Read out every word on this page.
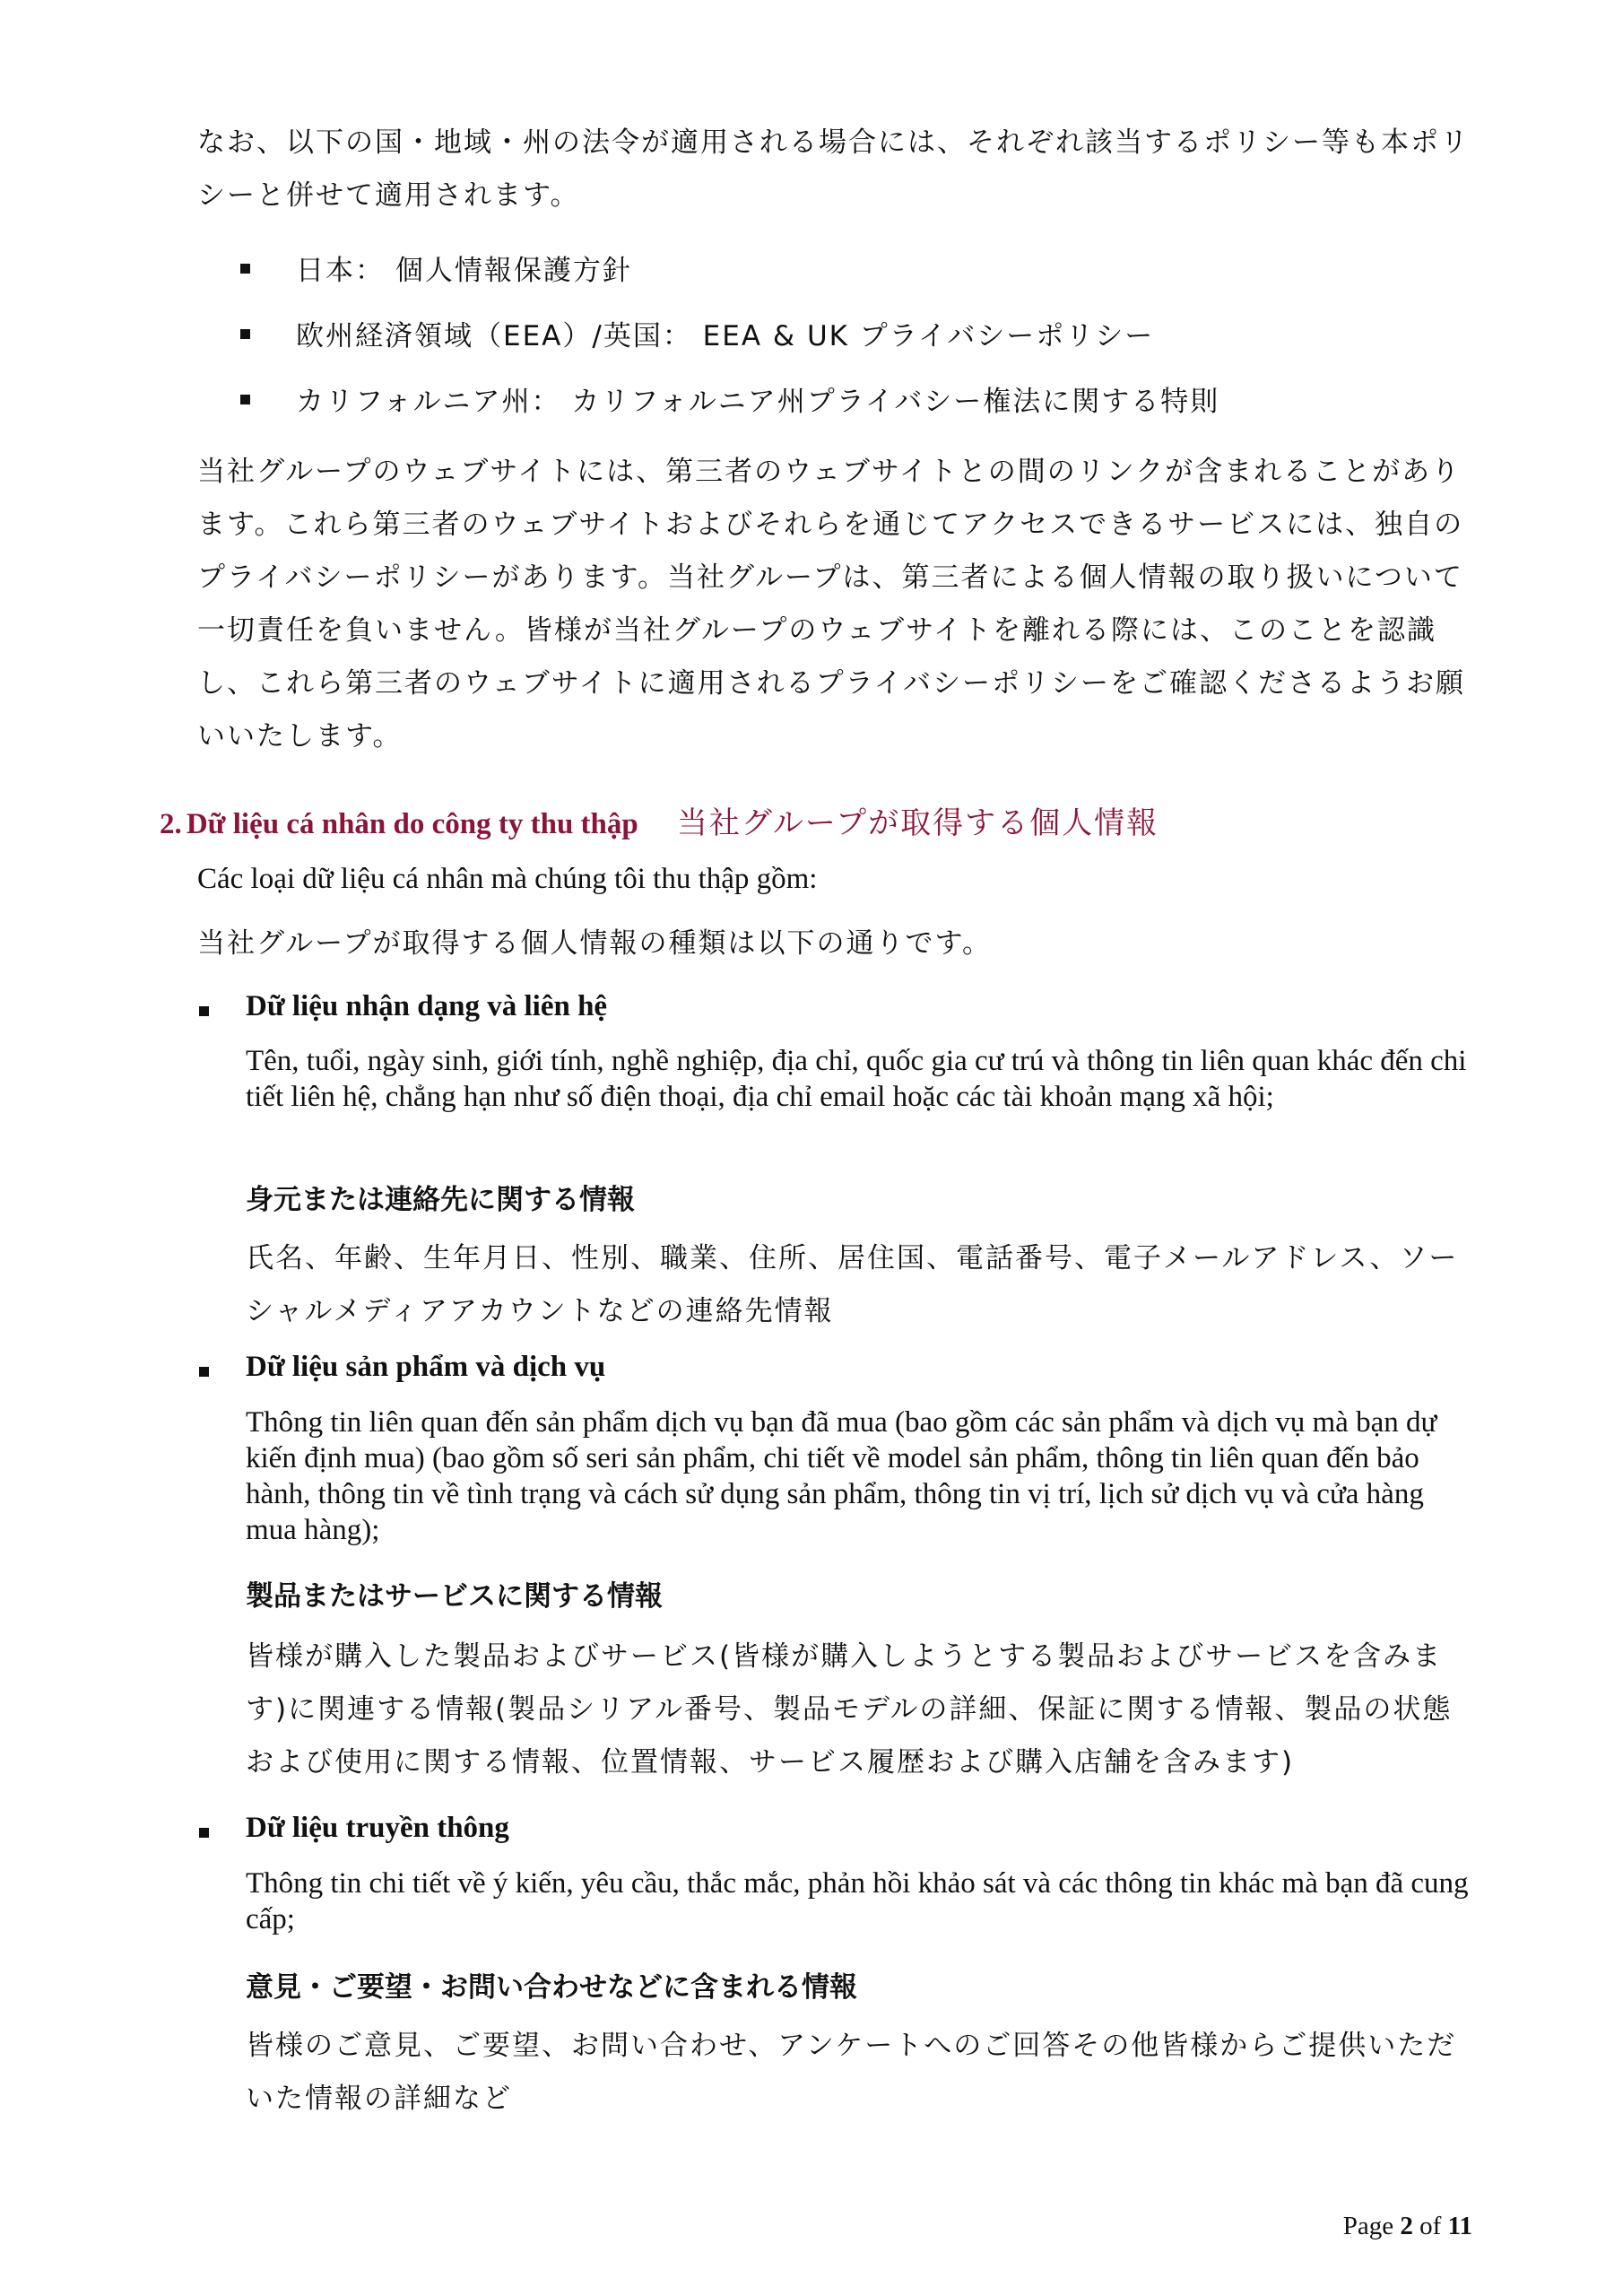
なお、以下の国・地域・州の法令が適用される場合には、それぞれ該当するポリシー等も本ポリシーと併せて適用されます。

日本： 個人情報保護方針
欧州経済領域（EEA）/英国： EEA & UK プライバシーポリシー
カリフォルニア州： カリフォルニア州プライバシー権法に関する特則

当社グループのウェブサイトには、第三者のウェブサイトとの間のリンクが含まれることがあります。これら第三者のウェブサイトおよびそれらを通じてアクセスできるサービスには、独自のプライバシーポリシーがあります。当社グループは、第三者による個人情報の取り扱いについて一切責任を負いません。皆様が当社グループのウェブサイトを離れる際には、このことを認識し、これら第三者のウェブサイトに適用されるプライバシーポリシーをご確認くださるようお願いいたします。

2. Dữ liệu cá nhân do công ty thu thập 当社グループが取得する個人情報
Các loại dữ liệu cá nhân mà chúng tôi thu thập gồm:
当社グループが取得する個人情報の種類は以下の通りです。
Dữ liệu nhận dạng và liên hệ

Tên, tuổi, ngày sinh, giới tính, nghề nghiệp, địa chỉ, quốc gia cư trú và thông tin liên quan khác đến chi tiết liên hệ, chẳng hạn như số điện thoại, địa chỉ email hoặc các tài khoản mạng xã hội;

身元または連絡先に関する情報

氏名、年齢、生年月日、性別、職業、住所、居住国、電話番号、電子メールアドレス、ソーシャルメディアアカウントなどの連絡先情報

Dữ liệu sản phẩm và dịch vụ

Thông tin liên quan đến sản phẩm dịch vụ bạn đã mua (bao gồm các sản phẩm và dịch vụ mà bạn dự kiến định mua) (bao gồm số seri sản phẩm, chi tiết về model sản phẩm, thông tin liên quan đến bảo hành, thông tin về tình trạng và cách sử dụng sản phẩm, thông tin vị trí, lịch sử dịch vụ và cửa hàng mua hàng);

製品またはサービスに関する情報

皆様が購入した製品およびサービス(皆様が購入しようとする製品およびサービスを含みます)に関連する情報(製品シリアル番号、製品モデルの詳細、保証に関する情報、製品の状態および使用に関する情報、位置情報、サービス履歴および購入店舗を含みます)

Dữ liệu truyền thông

Thông tin chi tiết về ý kiến, yêu cầu, thắc mắc, phản hồi khảo sát và các thông tin khác mà bạn đã cung cấp;

意見・ご要望・お問い合わせなどに含まれる情報

皆様のご意見、ご要望、お問い合わせ、アンケートへのご回答その他皆様からご提供いただいた情報の詳細など

Page 2 of 11
